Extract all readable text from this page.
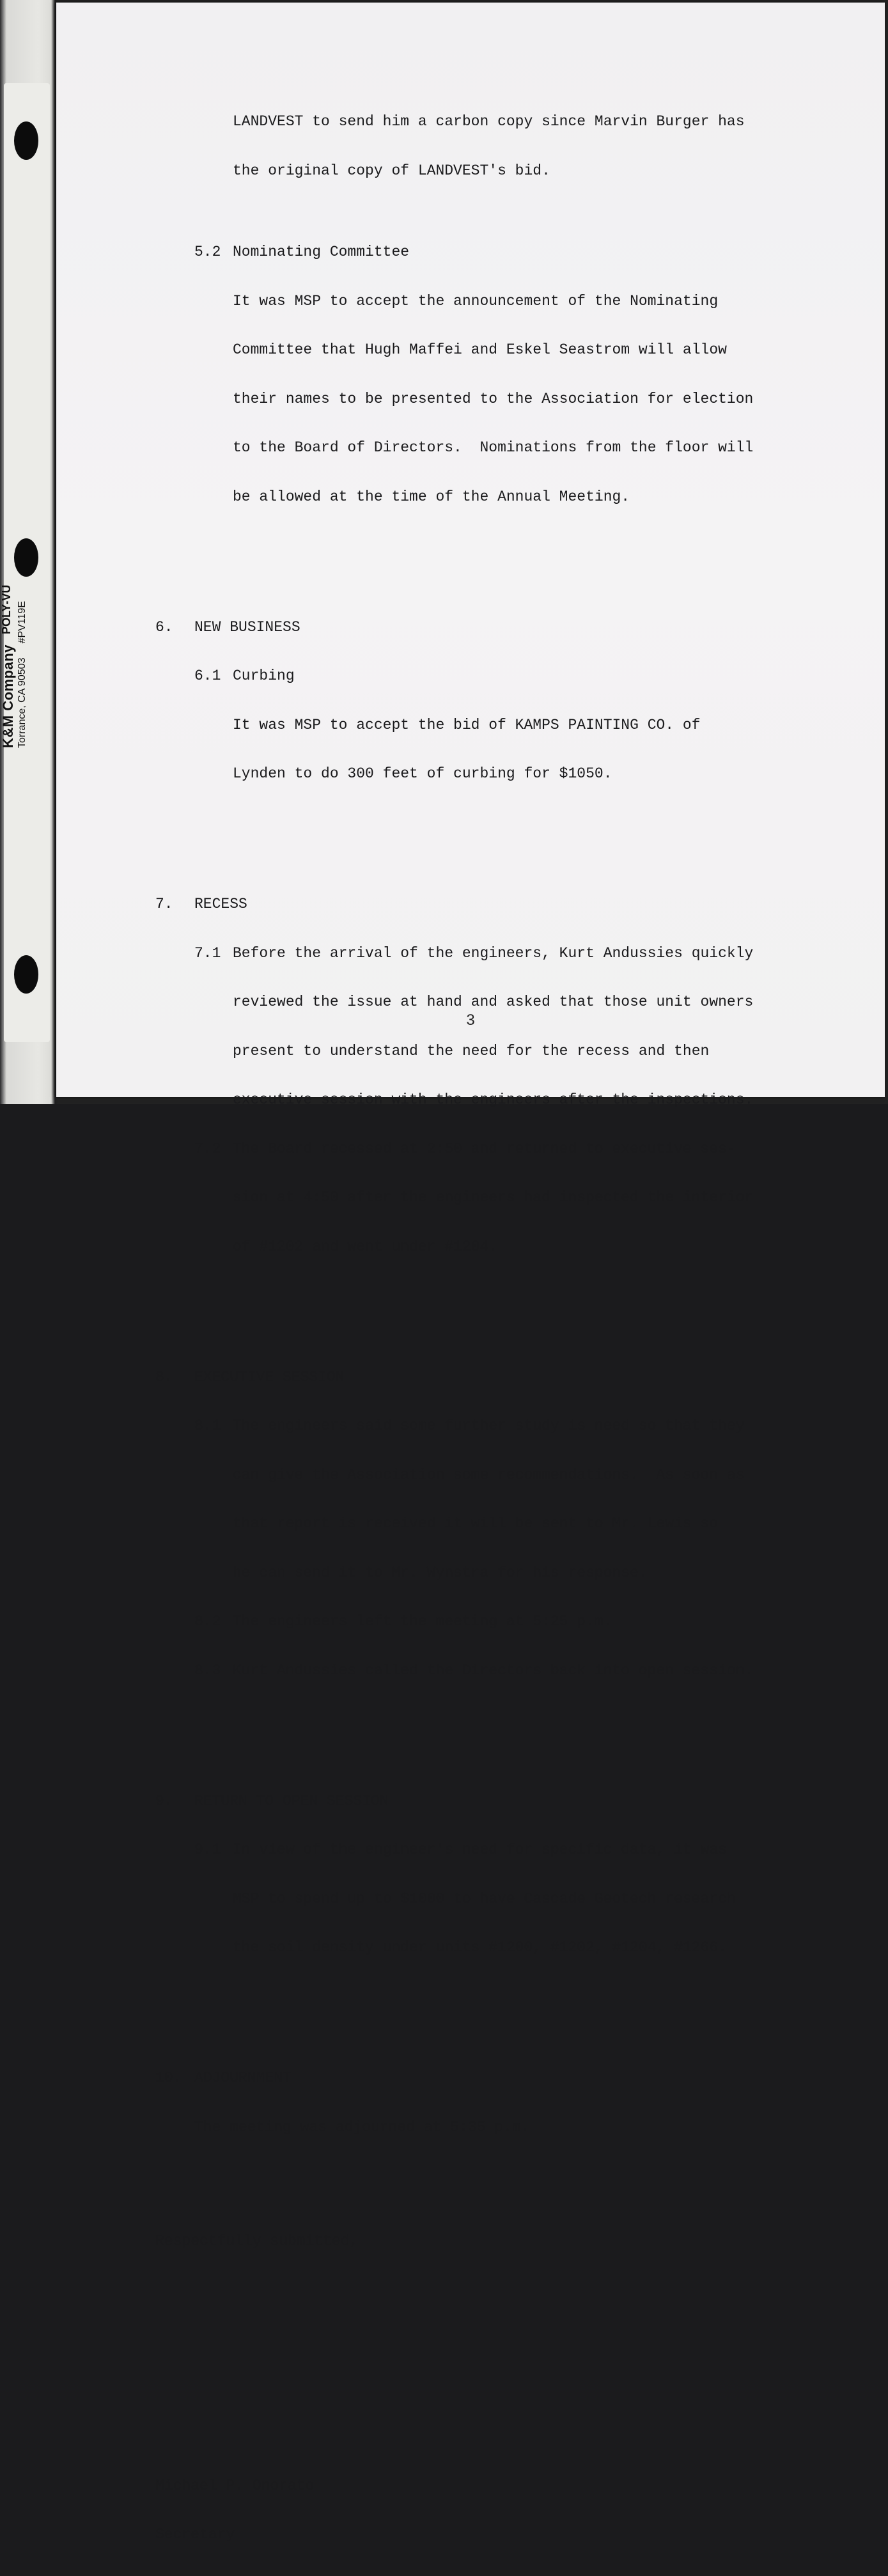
K&M Company
POLY-VU
Torrance, CA 90503
#PV119E

LANDVEST to send him a carbon copy since Marvin Burger has

the original copy of LANDVEST's bid.

5.2 Nominating Committee

It was MSP to accept the announcement of the Nominating

Committee that Hugh Maffei and Eskel Seastrom will allow

their names to be presented to the Association for election

to the Board of Directors.  Nominations from the floor will

be allowed at the time of the Annual Meeting.

6.	NEW BUSINESS

6.1 Curbing

It was MSP to accept the bid of KAMPS PAINTING CO. of

Lynden to do 300 feet of curbing for $1050.

7.	RECESS

7.1 Before the arrival of the engineers, Kurt Andussies quickly

reviewed the issue at hand and asked that those unit owners

present to understand the need for the recess and then

executive session with the engineers after the inspections.

7.2 The Board recessed at 2:50 and returned to executive ses-

sion at 4:50 after the engineers had inspected the interior

of #1202 and went under #1204.

8.	EXECUTIVE SESSION

8.1 The engineers said some further study is need so that they

can give the Association some recommendations.  As soon as

that report is received it will be sent to Mr. Lewis so

he can send it to Mr. Wynstra for his response.

8.2 The engineers left the meeting at 5:25 p.m.

8.3 Kurt Andussies called the Directors back into open session.

9.	RETURN TO OPEN SESSION

9.1 In view of the engineer's need for specific data, it was

MSP to spend up to $1000 to have Cascade Geotech research

the soil density under units #1200, #1202, #1204, #1266.

10. ADJOURNMENT

The meeting was adjourned at 5:35 p.m.

Respectfully submitted,

Michael P. Onorato

Secretary

3
